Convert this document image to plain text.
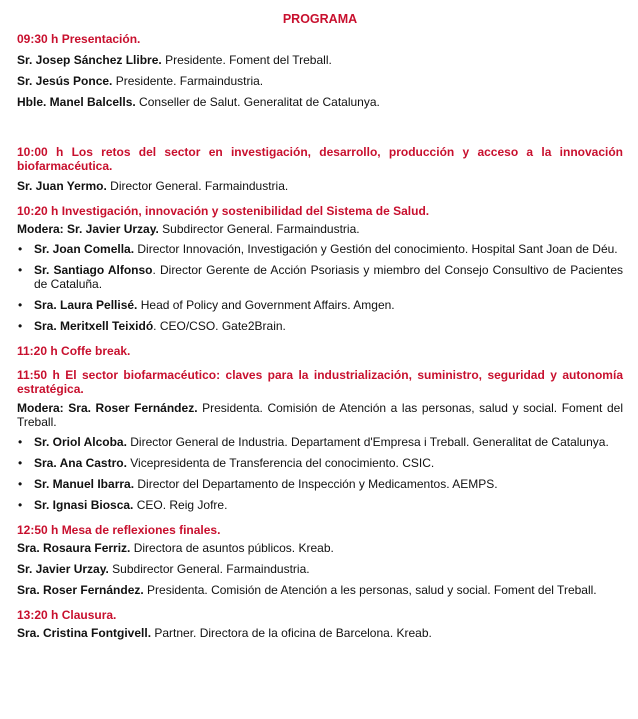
PROGRAMA
09:30 h Presentación.
Sr. Josep Sánchez Llibre. Presidente. Foment del Treball.
Sr. Jesús Ponce. Presidente. Farmaindustria.
Hble. Manel Balcells. Conseller de Salut. Generalitat de Catalunya.
10:00 h Los retos del sector en investigación, desarrollo, producción y acceso a la innovación biofarmacéutica.
Sr. Juan Yermo. Director General. Farmaindustria.
10:20 h Investigación, innovación y sostenibilidad del Sistema de Salud.
Modera: Sr. Javier Urzay. Subdirector General. Farmaindustria.
• Sr. Joan Comella. Director Innovación, Investigación y Gestión del conocimiento. Hospital Sant Joan de Déu.
• Sr. Santiago Alfonso. Director Gerente de Acción Psoriasis y miembro del Consejo Consultivo de Pacientes de Cataluña.
• Sra. Laura Pellisé. Head of Policy and Government Affairs. Amgen.
• Sra. Meritxell Teixidó. CEO/CSO. Gate2Brain.
11:20 h Coffe break.
11:50 h El sector biofarmacéutico: claves para la industrialización, suministro, seguridad y autonomía estratégica.
Modera: Sra. Roser Fernández. Presidenta. Comisión de Atención a las personas, salud y social. Foment del Treball.
• Sr. Oriol Alcoba. Director General de Industria. Departament d'Empresa i Treball. Generalitat de Catalunya.
• Sra. Ana Castro. Vicepresidenta de Transferencia del conocimiento. CSIC.
• Sr. Manuel Ibarra. Director del Departamento de Inspección y Medicamentos. AEMPS.
• Sr. Ignasi Biosca. CEO. Reig Jofre.
12:50 h Mesa de reflexiones finales.
Sra. Rosaura Ferriz. Directora de asuntos públicos. Kreab.
Sr. Javier Urzay. Subdirector General. Farmaindustria.
Sra. Roser Fernández. Presidenta. Comisión de Atención a les personas, salud y social. Foment del Treball.
13:20 h Clausura.
Sra. Cristina Fontgivell. Partner. Directora de la oficina de Barcelona. Kreab.
